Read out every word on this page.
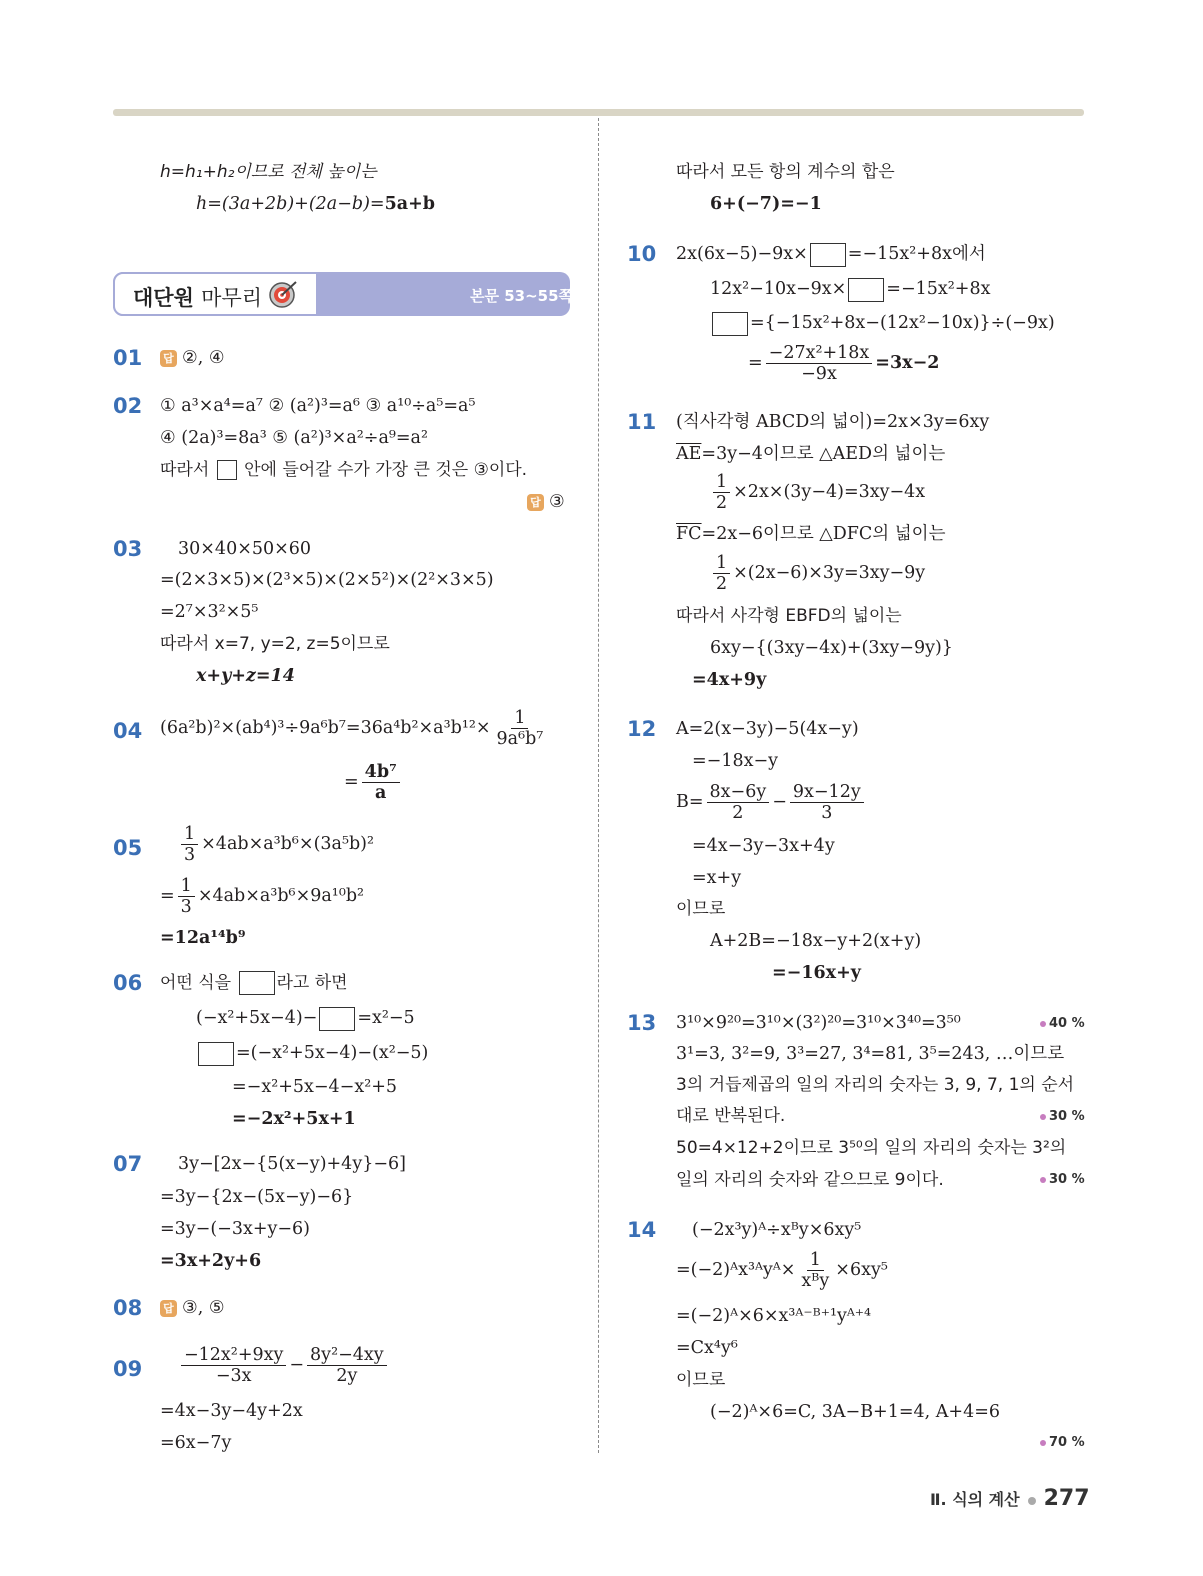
h=h₁+h₂이므로 전체 높이는
h=(3a+2b)+(2a−b)=5a+b
대단원 마무리	본문 53~55쪽
01 답 ②, ④
02 ① a³×a⁴=a⁷ ② (a²)³=a⁶ ③ a¹⁰÷a⁵=a⁵
④ (2a)³=8a³ ⑤ (a²)³×a²÷a⁹=a²
따라서 안에 들어갈 수가 가장 큰 것은 ③이다.
답 ③
03 30×40×50×60
=(2×3×5)×(2³×5)×(2×5²)×(2²×3×5)
=2⁷×3²×5⁵
따라서 x=7, y=2, z=5이므로
x+y+z=14
04 $(6a^2b)^2\times(ab^4)^3\div 9a^6b^7=36a^4b^2\times a^3b^{12}\times \frac{1}{\text{9a⁶b⁷}}$
= $\frac{\text{4b⁷}}{a}$
$05 \frac{1}{3} \times 4ab\times a^3b^6\times(3a^5b)^2$
= $\frac{1}{3} \times 4ab\times a^3b^6\times 9a^{10}b^2$
=12a¹⁴b⁹
06 어떤 식을	라고 하면
(−x²+5x−4)− =x²−5
=(−x²+5x−4)−(x²−5)
=−x²+5x−4−x²+5
=−2x²+5x+1
07 3y−[2x−{5(x−y)+4y}−6]
=3y−{2x−(5x−y)−6}
=3y−(−3x+y−6)
=3x+2y+6
08 답 ③, ⑤
$09 \frac{\text{−12x²+9xy}}{-3x} - \frac{\text{8y²−4xy}}{2y}$
=4x−3y−4y+2x
=6x−7y
따라서 모든 항의 계수의 합은
6+(−7)=−1
10 2x(6x−5)−9x× =−15x²+8x에서
12x²−10x−9x× =−15x²+8x
={−15x²+8x−(12x²−10x)}÷(−9x)
= $\frac{\text{−27x²+18x}}{-9x} =3x-2$
11 (직사각형 ABCD의 넓이)=2x×3y=6xy
$\overline{AE}=3y-4$이므로 △AED의 넓이는
$\frac{1}{2} \times 2x\times(3y-4)=3xy-4x$
$\overline{FC}=2x-6$이므로 △DFC의 넓이는
$\frac{1}{2} \times(2x-6)\times 3y=3xy-9y$
따라서 사각형 EBFD의 넓이는
6xy−{(3xy−4x)+(3xy−9y)}
=4x+9y
12 A=2(x−3y)−5(4x−y)
=−18x−y
$B= \frac{8x-6y}{2} - \frac{9x-12y}{3}$
=4x−3y−3x+4y
=x+y
이므로
A+2B=−18x−y+2(x+y)
=−16x+y
13 3¹⁰×9²⁰=3¹⁰×(3²)²⁰=3¹⁰×3⁴⁰=3⁵⁰	40 %
3¹=3, 3²=9, 3³=27, 3⁴=81, 3⁵=243, …이므로
3의 거듭제곱의 일의 자리의 숫자는 3, 9, 7, 1의 순서
대로 반복된다.	30 %
50=4×12+2이므로 3⁵⁰의 일의 자리의 숫자는 3²의
일의 자리의 숫자와 같으므로 9이다.	30 %
14 (−2x³y)ᴬ÷xᴮy×6xy⁵
=(−2)ᴬx³ᴬyᴬ× $\frac{1}{\text{xᴮy}} \times 6xy^5$
=(−2)ᴬ×6×x³ᴬ⁻ᴮ⁺¹yᴬ⁺⁴
=Cx⁴y⁶
이므로
(−2)ᴬ×6=C, 3A−B+1=4, A+4=6
70 %
Ⅱ. 식의 계산 277
